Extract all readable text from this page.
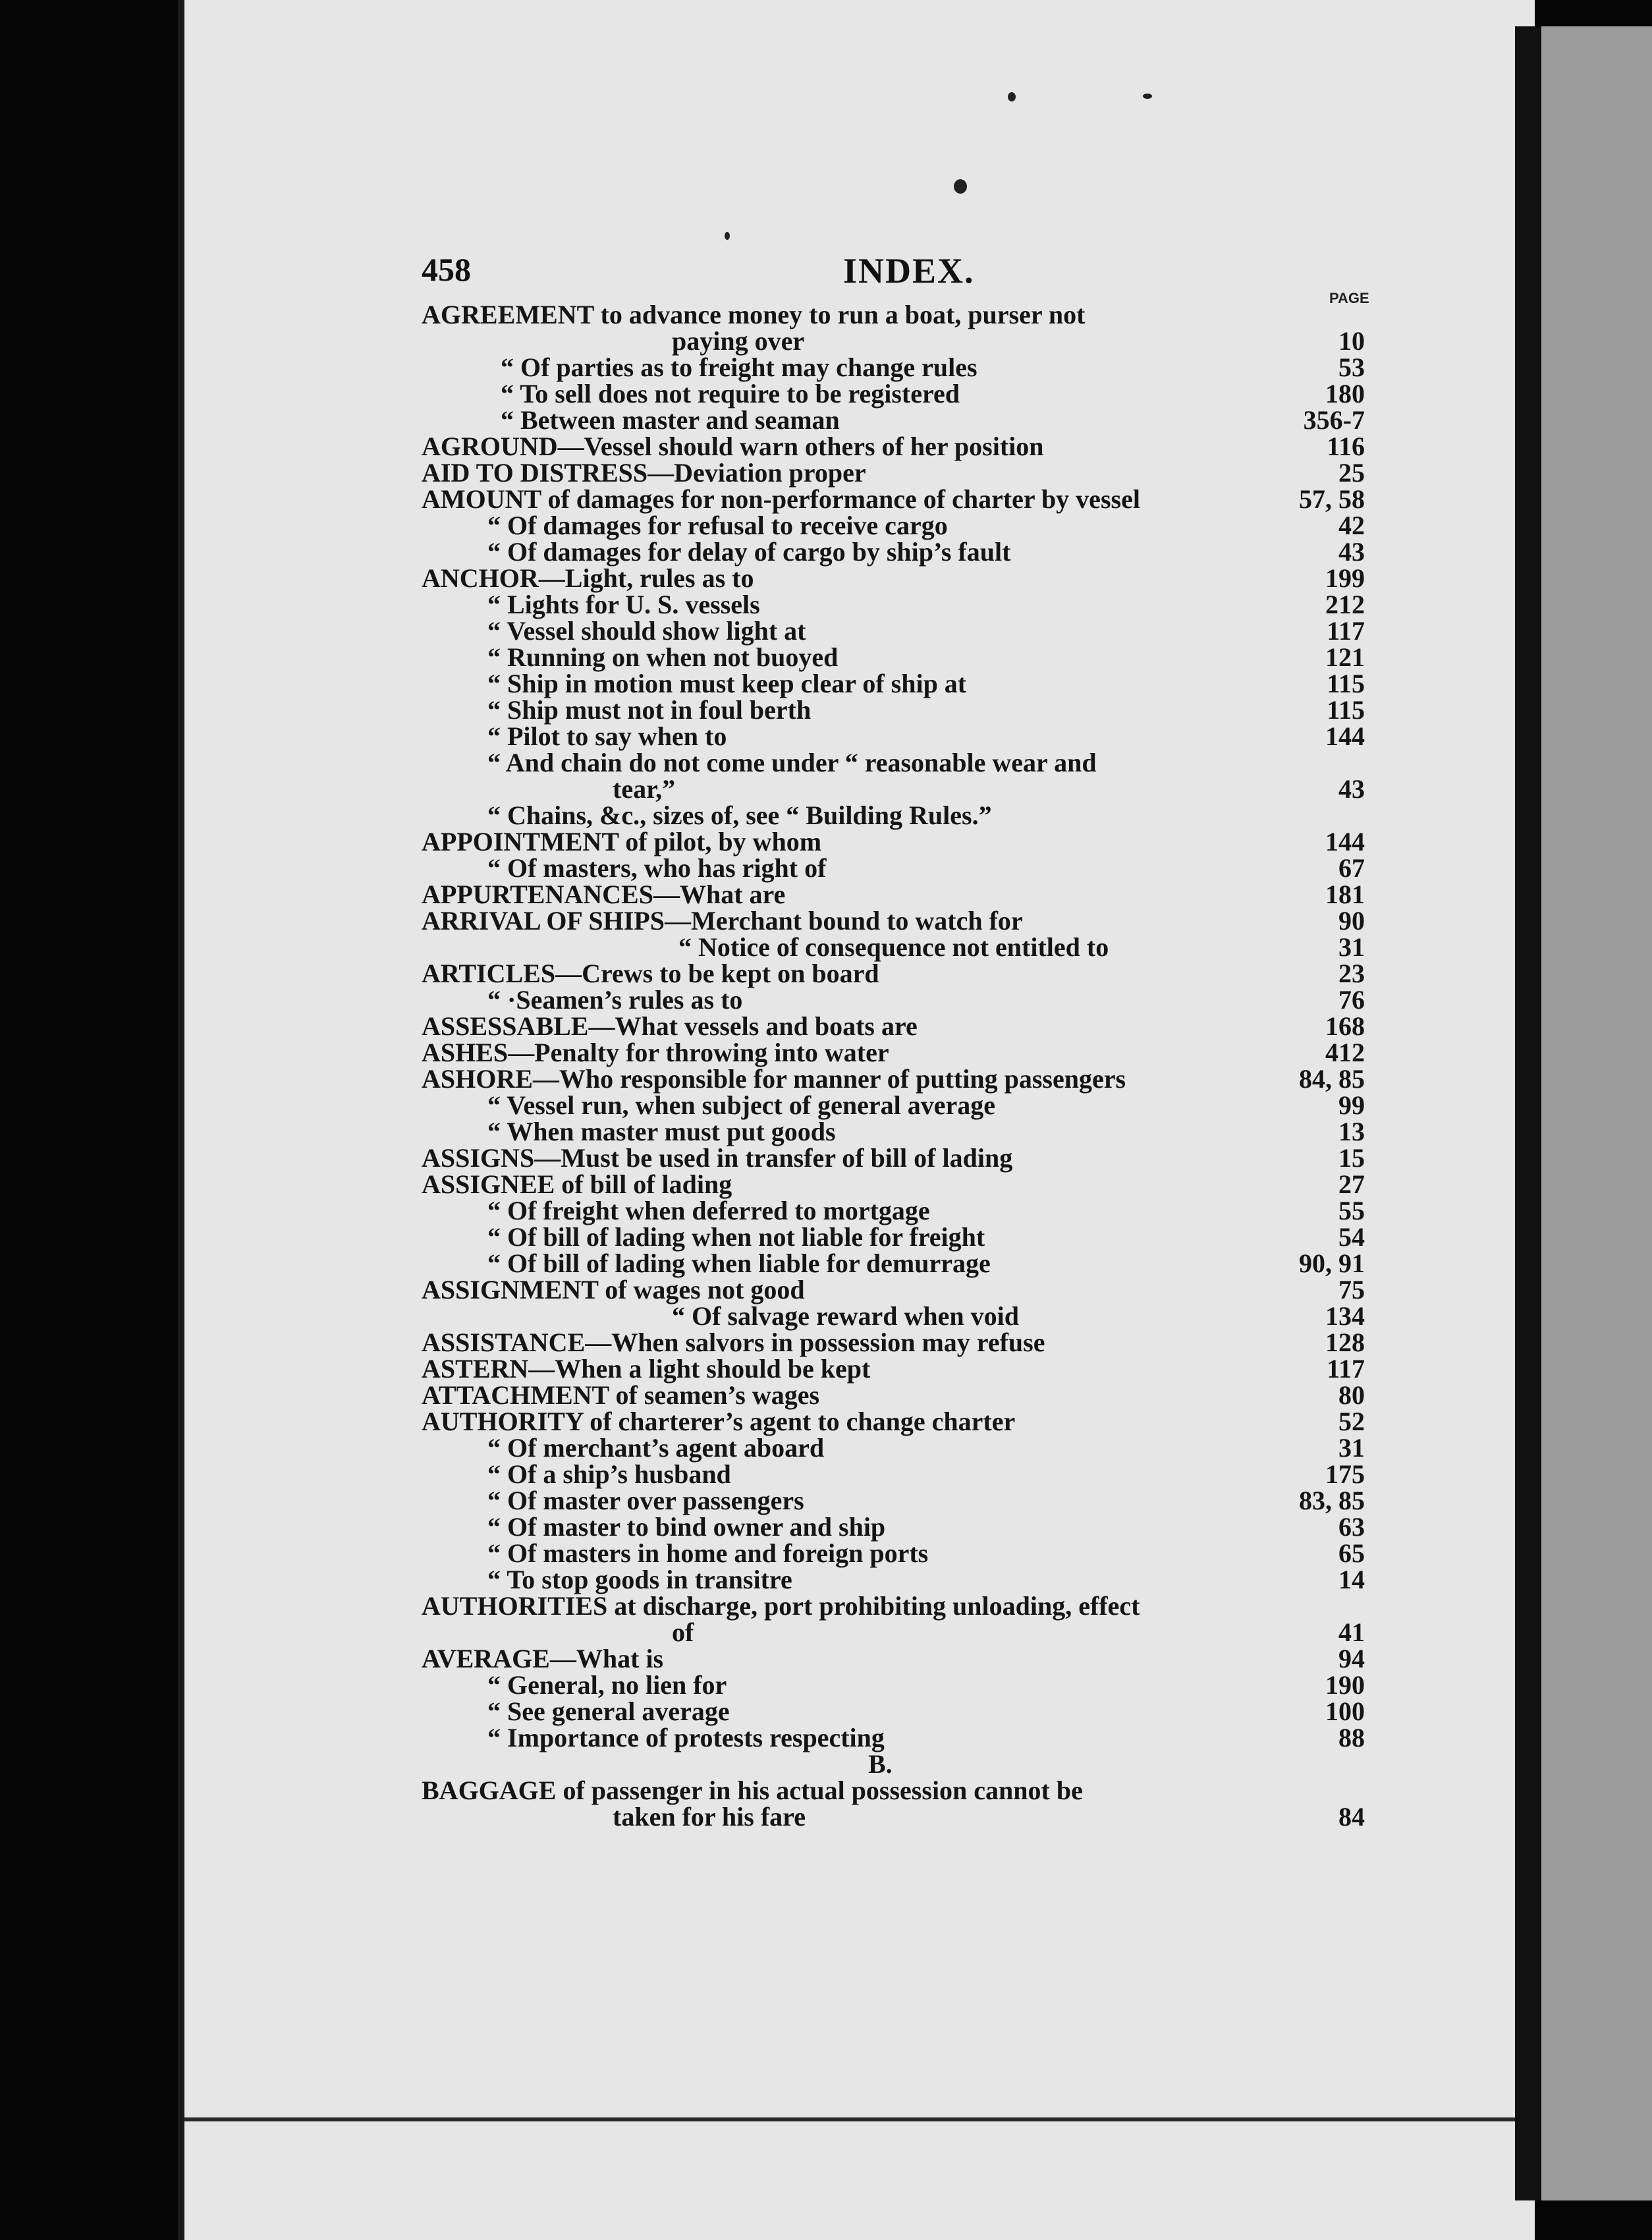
458	INDEX.
PAGE
AGREEMENT to advance money to run a boat, purser not
paying over	10
“ Of parties as to freight may change rules	53
“ To sell does not require to be registered	180
“ Between master and seaman	356-7
AGROUND—Vessel should warn others of her position	116
AID TO DISTRESS—Deviation proper	25
AMOUNT of damages for non-performance of charter by vessel	57, 58
“ Of damages for refusal to receive cargo	42
“ Of damages for delay of cargo by ship’s fault	43
ANCHOR—Light, rules as to	199
“ Lights for U. S. vessels	212
“ Vessel should show light at	117
“ Running on when not buoyed	121
“ Ship in motion must keep clear of ship at	115
“ Ship must not in foul berth	115
“ Pilot to say when to	144
“ And chain do not come under “ reasonable wear and
tear,”	43
“ Chains, &c., sizes of, see “ Building Rules.”
APPOINTMENT of pilot, by whom	144
“ Of masters, who has right of	67
APPURTENANCES—What are	181
ARRIVAL OF SHIPS—Merchant bound to watch for	90
“ Notice of consequence not entitled to	31
ARTICLES—Crews to be kept on board	23
“ ·Seamen’s rules as to	76
ASSESSABLE—What vessels and boats are	168
ASHES—Penalty for throwing into water	412
ASHORE—Who responsible for manner of putting passengers	84, 85
“ Vessel run, when subject of general average	99
“ When master must put goods	13
ASSIGNS—Must be used in transfer of bill of lading	15
ASSIGNEE of bill of lading	27
“ Of freight when deferred to mortgage	55
“ Of bill of lading when not liable for freight	54
“ Of bill of lading when liable for demurrage	90, 91
ASSIGNMENT of wages not good	75
“ Of salvage reward when void	134
ASSISTANCE—When salvors in possession may refuse	128
ASTERN—When a light should be kept	117
ATTACHMENT of seamen’s wages	80
AUTHORITY of charterer’s agent to change charter	52
“ Of merchant’s agent aboard	31
“ Of a ship’s husband	175
“ Of master over passengers	83, 85
“ Of master to bind owner and ship	63
“ Of masters in home and foreign ports	65
“ To stop goods in transitre	14
AUTHORITIES at discharge, port prohibiting unloading, effect
of	41
AVERAGE—What is	94
“ General, no lien for	190
“ See general average	100
“ Importance of protests respecting	88
B.
BAGGAGE of passenger in his actual possession cannot be
taken for his fare	84
